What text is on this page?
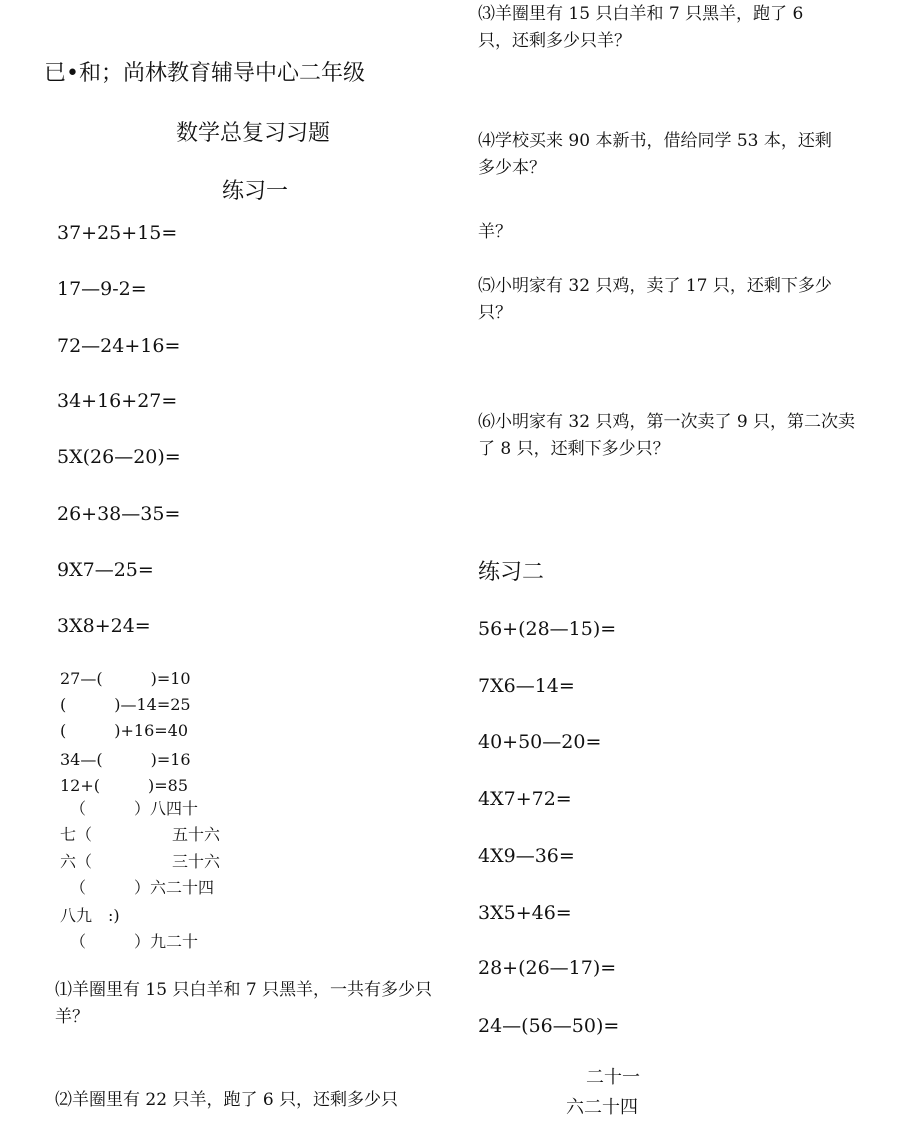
已•和；尚林教育辅导中心二年级
数学总复习习题
练习一
37+25+15=
17—9-2=
72—24+16=
34+16+27=
5X(26—20)=
26+38—35=
9X7—25=
3X8+24=
27—(　　　)=10
(　　　)—14=25
(　　　)+16=40
34—(　　　)=16
12+(　　　)=85
（　　　）八四十
七（　　　　　五十六
六（　　　　　三十六
（　　　）六二十四
八九　:)
（　　　）九二十
⑴羊圈里有 15 只白羊和 7 只黑羊，一共有多少只羊？
⑵羊圈里有 22 只羊，跑了 6 只，还剩多少只
⑶羊圈里有 15 只白羊和 7 只黑羊，跑了 6 只，还剩多少只羊？
⑷学校买来 90 本新书，借给同学 53 本，还剩多少本？
羊？
⑸小明家有 32 只鸡，卖了 17 只，还剩下多少只？
⑹小明家有 32 只鸡，第一次卖了 9 只，第二次卖了 8 只，还剩下多少只？
练习二
56+(28—15)=
7X6—14=
40+50—20=
4X7+72=
4X9—36=
3X5+46=
28+(26—17)=
24—(56—50)=
二十一
六二十四
